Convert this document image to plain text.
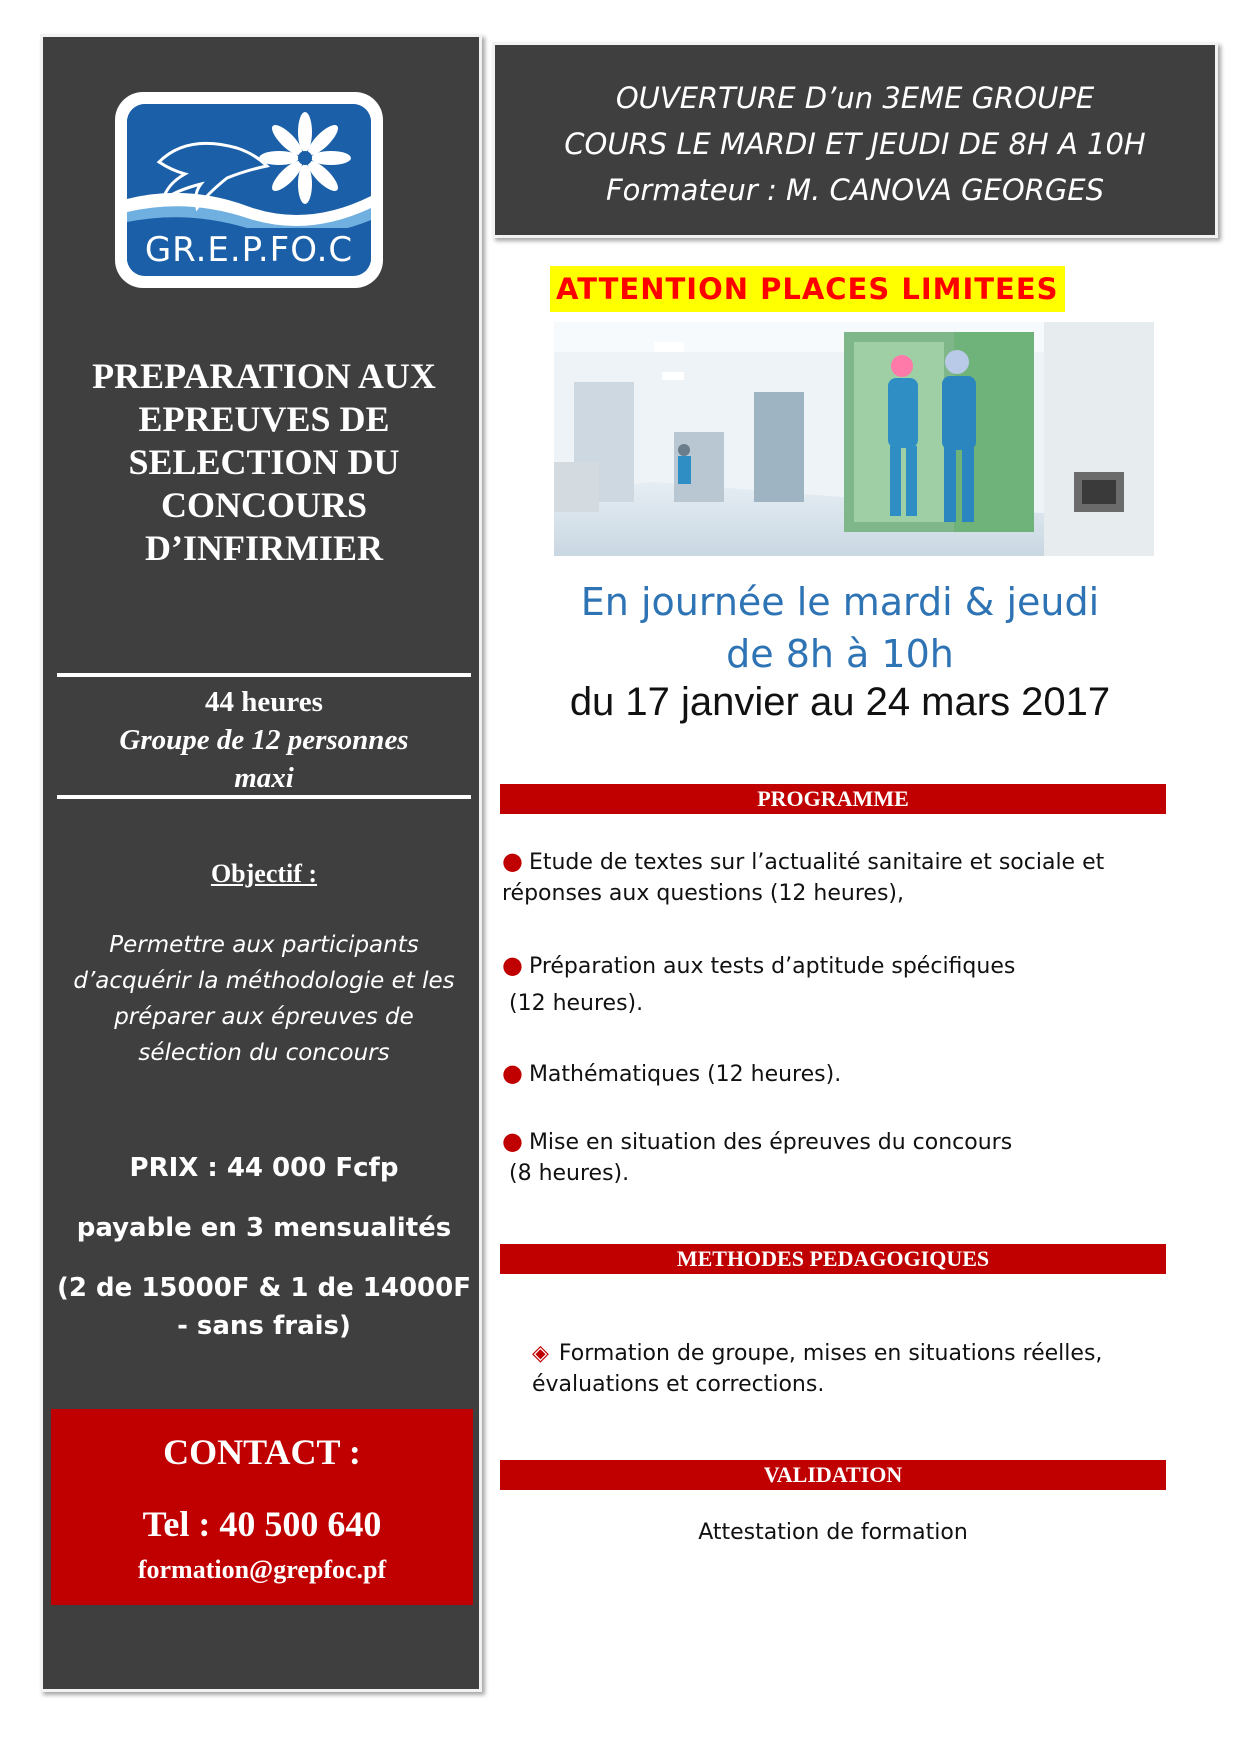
GR.E.P.FO.C
PREPARATION AUX
EPREUVES DE
SELECTION DU
CONCOURS
D’INFIRMIER
44 heures
Groupe de 12 personnes
maxi
Objectif :
Permettre aux participants
d’acquérir la méthodologie et les
préparer aux épreuves de
sélection du concours
PRIX : 44 000 Fcfp
payable en 3 mensualités
(2 de 15000F & 1 de 14000F
- sans frais)
CONTACT :
Tel : 40 500 640
formation@grepfoc.pf
OUVERTURE D’un 3EME GROUPE
COURS LE MARDI ET JEUDI DE 8H A 10H
Formateur : M. CANOVA GEORGES
ATTENTION PLACES LIMITEES
En journée le mardi & jeudi
de 8h à 10h
du 17 janvier au 24 mars 2017
PROGRAMME
● Etude de textes sur l’actualité sanitaire et sociale et
réponses aux questions (12 heures),
● Préparation aux tests d’aptitude spécifiques
(12 heures).
● Mathématiques (12 heures).
● Mise en situation des épreuves du concours
(8 heures).
METHODES PEDAGOGIQUES
◈ Formation de groupe, mises en situations réelles,
évaluations et corrections.
VALIDATION
Attestation de formation
